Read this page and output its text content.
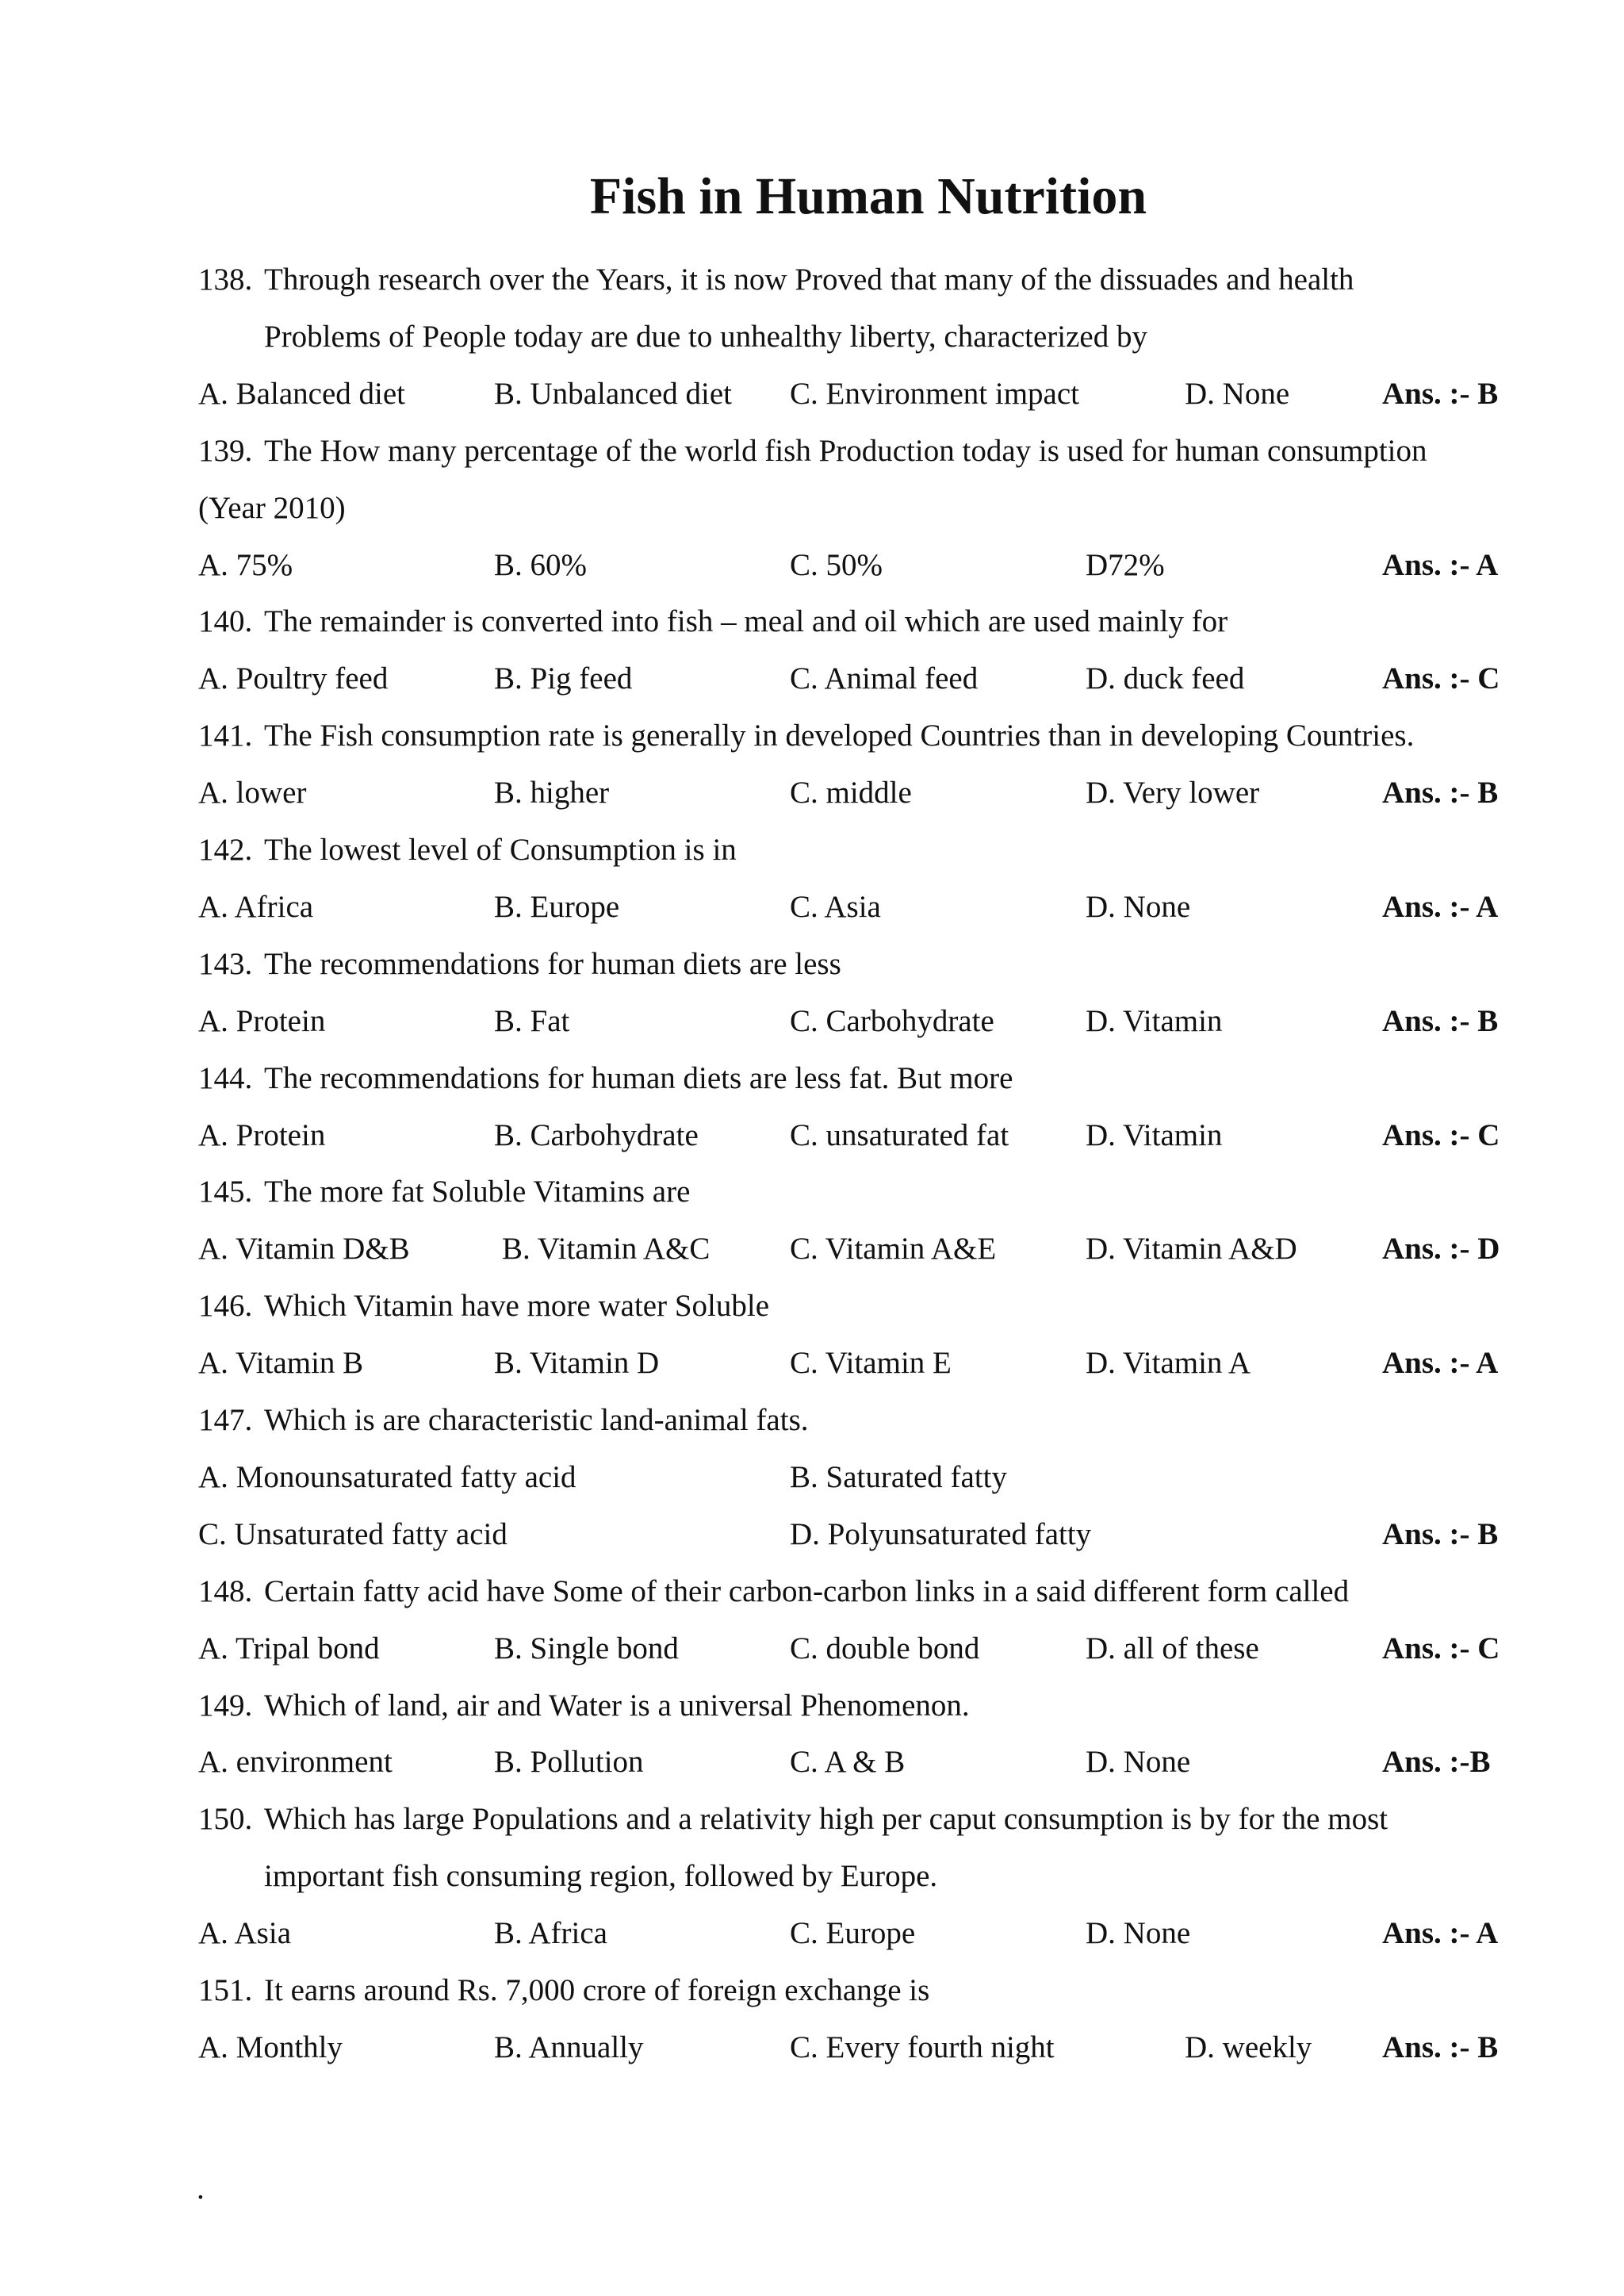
Fish in Human Nutrition
138. Through research over the Years, it is now Proved that many of the dissuades and health
Problems of People today are due to unhealthy liberty, characterized by
A. Balanced diet	B. Unbalanced diet C. Environment impact	D. None	Ans. :- B
139. The How many percentage of the world fish Production today is used for human consumption
(Year 2010)
A. 75%	B. 60%	C. 50%	D72%	Ans. :- A
140. The remainder is converted into fish – meal and oil which are used mainly for
A. Poultry feed	B. Pig feed	C. Animal feed	D. duck feed	Ans. :- C
141. The Fish consumption rate is generally in developed Countries than in developing Countries.
A. lower	B. higher	C. middle	D. Very lower	Ans. :- B
142. The lowest level of Consumption is in
A. Africa	B. Europe	C. Asia	D. None	Ans. :- A
143. The recommendations for human diets are less
A. Protein	B. Fat	C. Carbohydrate	D. Vitamin	Ans. :- B
144. The recommendations for human diets are less fat. But more
A. Protein	B. Carbohydrate	C. unsaturated fat D. Vitamin	Ans. :- C
145. The more fat Soluble Vitamins are
A. Vitamin D&B	B. Vitamin A&C	C. Vitamin A&E	D. Vitamin A&D	Ans. :- D
146. Which Vitamin have more water Soluble
A. Vitamin B	B. Vitamin D	C. Vitamin E	D. Vitamin A	Ans. :- A
147. Which is are characteristic land-animal fats.
A. Monounsaturated fatty acid	B. Saturated fatty
C. Unsaturated fatty acid	D. Polyunsaturated fatty	Ans. :- B
148. Certain fatty acid have Some of their carbon-carbon links in a said different form called
A. Tripal bond	B. Single bond	C. double bond	D. all of these	Ans. :- C
149. Which of land, air and Water is a universal Phenomenon.
A. environment	B. Pollution	C. A & B	D. None	Ans. :-B
150. Which has large Populations and a relativity high per caput consumption is by for the most
important fish consuming region, followed by Europe.
A. Asia	B. Africa	C. Europe	D. None	Ans. :- A
151. It earns around Rs. 7,000 crore of foreign exchange is
A. Monthly	B. Annually	C. Every fourth night	D. weekly Ans. :- B
.
